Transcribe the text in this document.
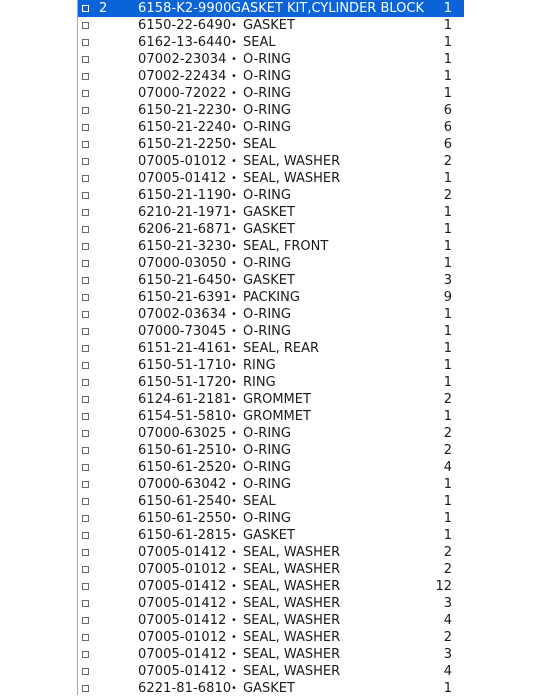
2 6158-K2-9900 GASKET KIT,CYLINDER BLOCK 1
6150-22-6490 • GASKET	1
6162-13-6440 • SEAL	1
07002-23034 • O-RING	1
07002-22434 • O-RING	1
07000-72022 • O-RING	1
6150-21-2230 • O-RING	6
6150-21-2240 • O-RING	6
6150-21-2250 • SEAL	6
07005-01012 • SEAL, WASHER	2
07005-01412 • SEAL, WASHER	1
6150-21-1190 • O-RING	2
6210-21-1971 • GASKET	1
6206-21-6871 • GASKET	1
6150-21-3230 • SEAL, FRONT	1
07000-03050 • O-RING	1
6150-21-6450 • GASKET	3
6150-21-6391 • PACKING	9
07002-03634 • O-RING	1
07000-73045 • O-RING	1
6151-21-4161 • SEAL, REAR	1
6150-51-1710 • RING	1
6150-51-1720 • RING	1
6124-61-2181 • GROMMET	2
6154-51-5810 • GROMMET	1
07000-63025 • O-RING	2
6150-61-2510 • O-RING	2
6150-61-2520 • O-RING	4
07000-63042 • O-RING	1
6150-61-2540 • SEAL	1
6150-61-2550 • O-RING	1
6150-61-2815 • GASKET	1
07005-01412 • SEAL, WASHER	2
07005-01012 • SEAL, WASHER	2
07005-01412 • SEAL, WASHER	12
07005-01412 • SEAL, WASHER	3
07005-01412 • SEAL, WASHER	4
07005-01012 • SEAL, WASHER	2
07005-01412 • SEAL, WASHER	3
07005-01412 • SEAL, WASHER	4
6221-81-6810 • GASKET	1
